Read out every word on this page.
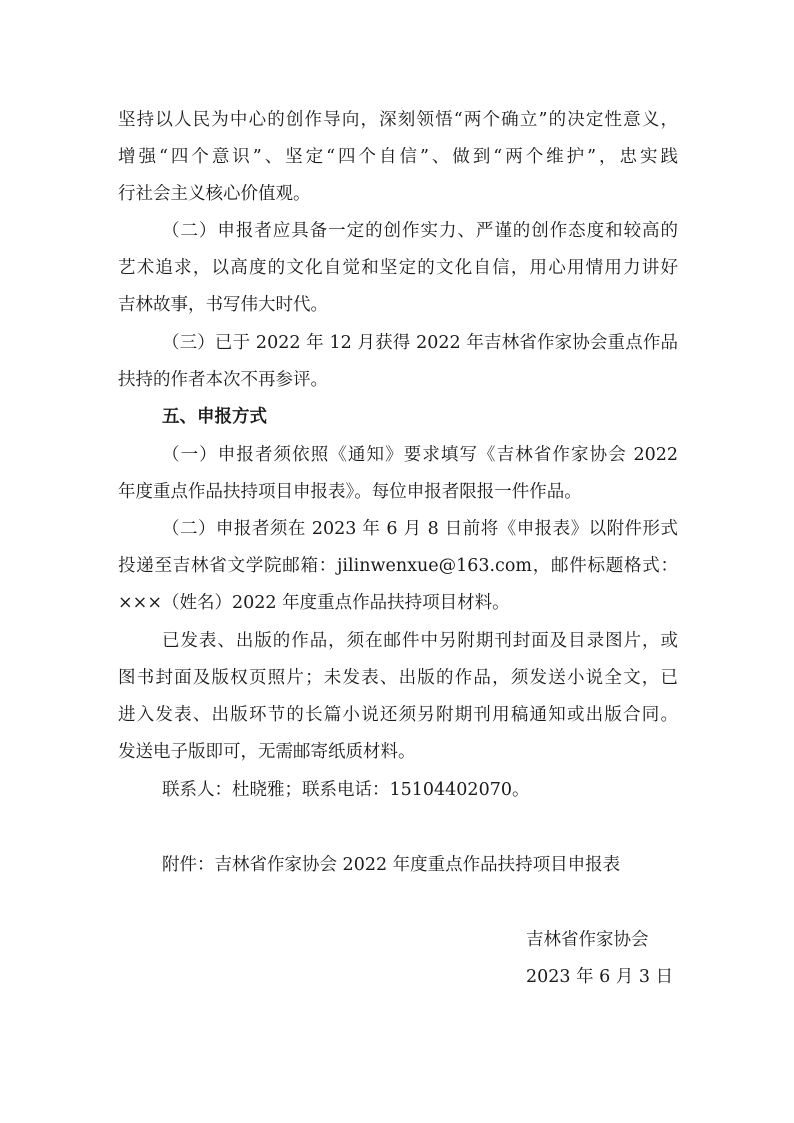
坚持以人民为中心的创作导向，深刻领悟“两个确立”的决定性意义，
增强“四个意识”、坚定“四个自信”、做到“两个维护”，忠实践
行社会主义核心价值观。
（二）申报者应具备一定的创作实力、严谨的创作态度和较高的
艺术追求，以高度的文化自觉和坚定的文化自信，用心用情用力讲好
吉林故事，书写伟大时代。
（三）已于 2022 年 12 月获得 2022 年吉林省作家协会重点作品
扶持的作者本次不再参评。
五、申报方式
（一）申报者须依照《通知》要求填写《吉林省作家协会 2022
年度重点作品扶持项目申报表》。每位申报者限报一件作品。
（二）申报者须在 2023 年 6 月 8 日前将《申报表》以附件形式
投递至吉林省文学院邮箱：jilinwenxue@163.com，邮件标题格式：
×××（姓名）2022 年度重点作品扶持项目材料。
已发表、出版的作品，须在邮件中另附期刊封面及目录图片，或
图书封面及版权页照片；未发表、出版的作品，须发送小说全文，已
进入发表、出版环节的长篇小说还须另附期刊用稿通知或出版合同。
发送电子版即可，无需邮寄纸质材料。
联系人：杜晓雅；联系电话：15104402070。
附件：吉林省作家协会 2022 年度重点作品扶持项目申报表
吉林省作家协会
2023 年 6 月 3 日
